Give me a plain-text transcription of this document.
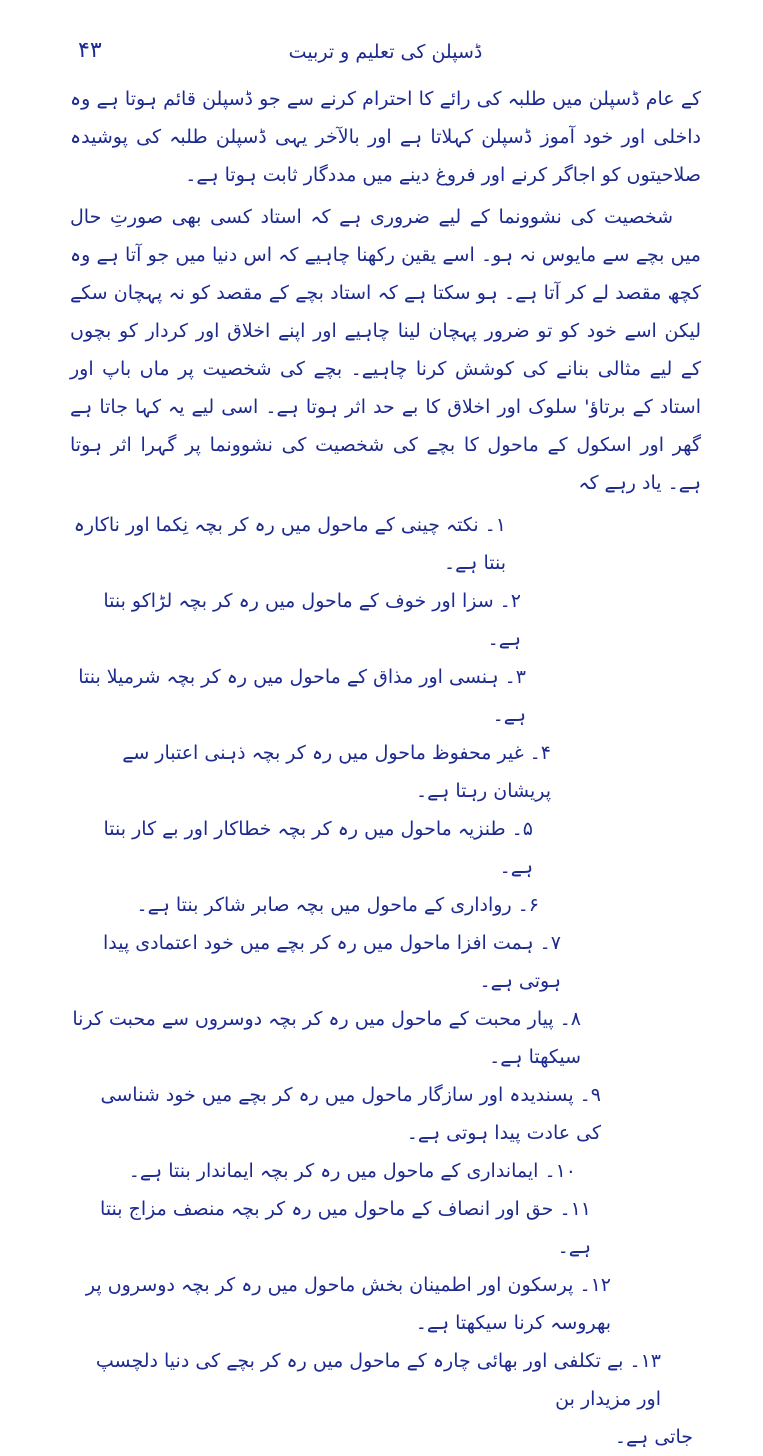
ڈسپلن کی تعلیم و تربیت
۴۳

کے عام ڈسپلن میں طلبہ کی رائے کا احترام کرنے سے جو ڈسپلن قائم ہوتا ہے وہ داخلی اور خود آموز ڈسپلن کہلاتا ہے اور بالآخر یہی ڈسپلن طلبہ کی پوشیدہ صلاحیتوں کو اجاگر کرنے اور فروغ دینے میں مددگار ثابت ہوتا ہے۔

شخصیت کی نشوونما کے لیے ضروری ہے کہ استاد کسی بھی صورتِ حال میں بچے سے مایوس نہ ہو۔ اسے یقین رکھنا چاہیے کہ اس دنیا میں جو آتا ہے وہ کچھ مقصد لے کر آتا ہے۔ ہو سکتا ہے کہ استاد بچے کے مقصد کو نہ پہچان سکے لیکن اسے خود کو تو ضرور پہچان لینا چاہیے اور اپنے اخلاق اور کردار کو بچوں کے لیے مثالی بنانے کی کوشش کرنا چاہیے۔ بچے کی شخصیت پر ماں باپ اور استاد کے برتاؤ' سلوک اور اخلاق کا بے حد اثر ہوتا ہے۔ اسی لیے یہ کہا جاتا ہے گھر اور اسکول کے ماحول کا بچے کی شخصیت کی نشوونما پر گہرا اثر ہوتا ہے۔ یاد رہے کہ

۱۔نکتہ چینی کے ماحول میں رہ کر بچہ نِکما اور ناکارہ بنتا ہے۔
۲۔سزا اور خوف کے ماحول میں رہ کر بچہ لڑاکو بنتا ہے۔
۳۔ہنسی اور مذاق کے ماحول میں رہ کر بچہ شرمیلا بنتا ہے۔
۴۔غیر محفوظ ماحول میں رہ کر بچہ ذہنی اعتبار سے پریشان رہتا ہے۔
۵۔طنزیہ ماحول میں رہ کر بچہ خطاکار اور بے کار بنتا ہے۔
۶۔رواداری کے ماحول میں بچہ صابر شاکر بنتا ہے۔
۷۔ہمت افزا ماحول میں رہ کر بچے میں خود اعتمادی پیدا ہوتی ہے۔
۸۔پیار محبت کے ماحول میں رہ کر بچہ دوسروں سے محبت کرنا سیکھتا ہے۔
۹۔پسندیدہ اور سازگار ماحول میں رہ کر بچے میں خود شناسی کی عادت پیدا ہوتی ہے۔
۱۰۔ایمانداری کے ماحول میں رہ کر بچہ ایماندار بنتا ہے۔
۱۱۔حق اور انصاف کے ماحول میں رہ کر بچہ منصف مزاج بنتا ہے۔
۱۲۔پرسکون اور اطمینان بخش ماحول میں رہ کر بچہ دوسروں پر بھروسہ کرنا سیکھتا ہے۔
۱۳۔بے تکلفی اور بھائی چارہ کے ماحول میں رہ کر بچے کی دنیا دلچسپ اور مزیدار بن
جاتی ہے۔
